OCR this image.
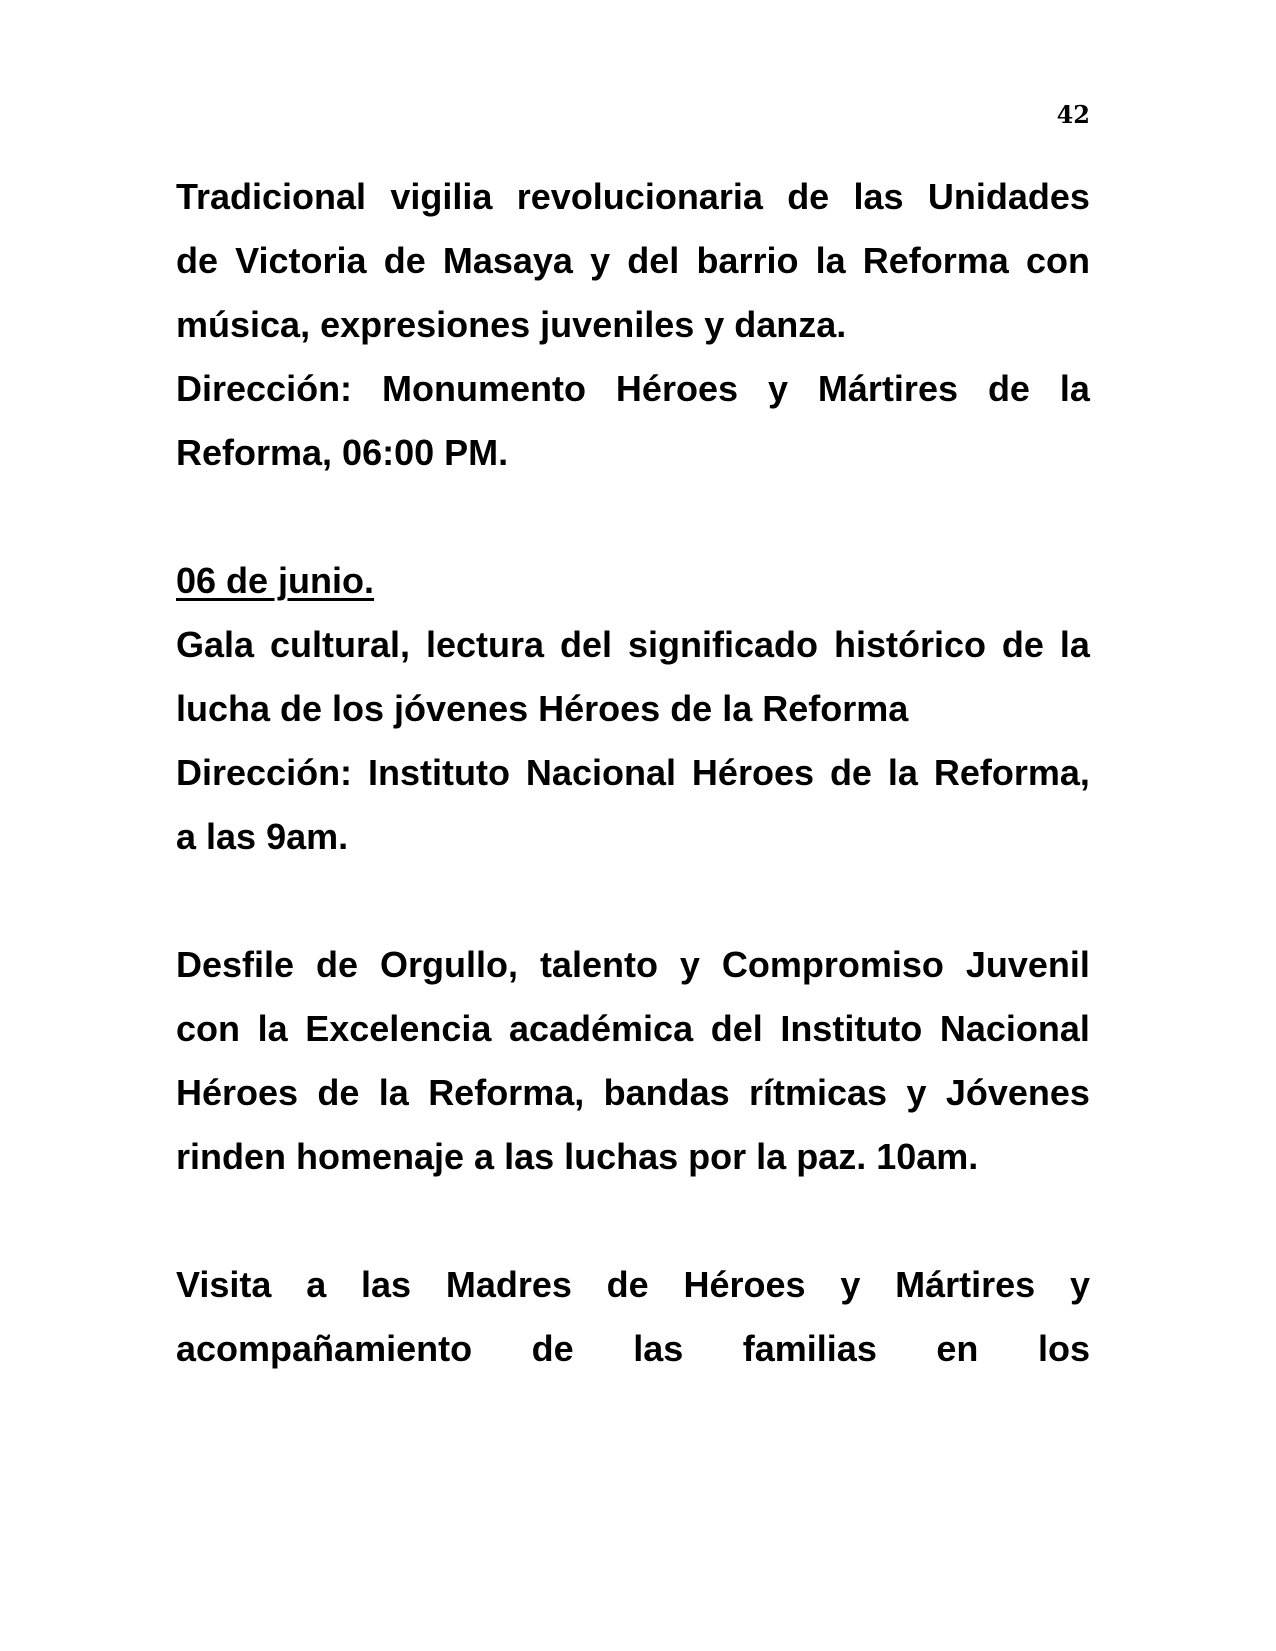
42
Tradicional vigilia revolucionaria de las Unidades
de Victoria de Masaya y del barrio la Reforma con
música, expresiones juveniles y danza.
Dirección: Monumento Héroes y Mártires de la
Reforma, 06:00 PM.
06 de junio.
Gala cultural, lectura del significado histórico de la
lucha de los jóvenes Héroes de la Reforma
Dirección: Instituto Nacional Héroes de la Reforma,
a las 9am.
Desfile de Orgullo, talento y Compromiso Juvenil
con la Excelencia académica del Instituto Nacional
Héroes de la Reforma, bandas rítmicas y Jóvenes
rinden homenaje a las luchas por la paz. 10am.
Visita a las Madres de Héroes y Mártires y
acompañamiento de las familias en los
